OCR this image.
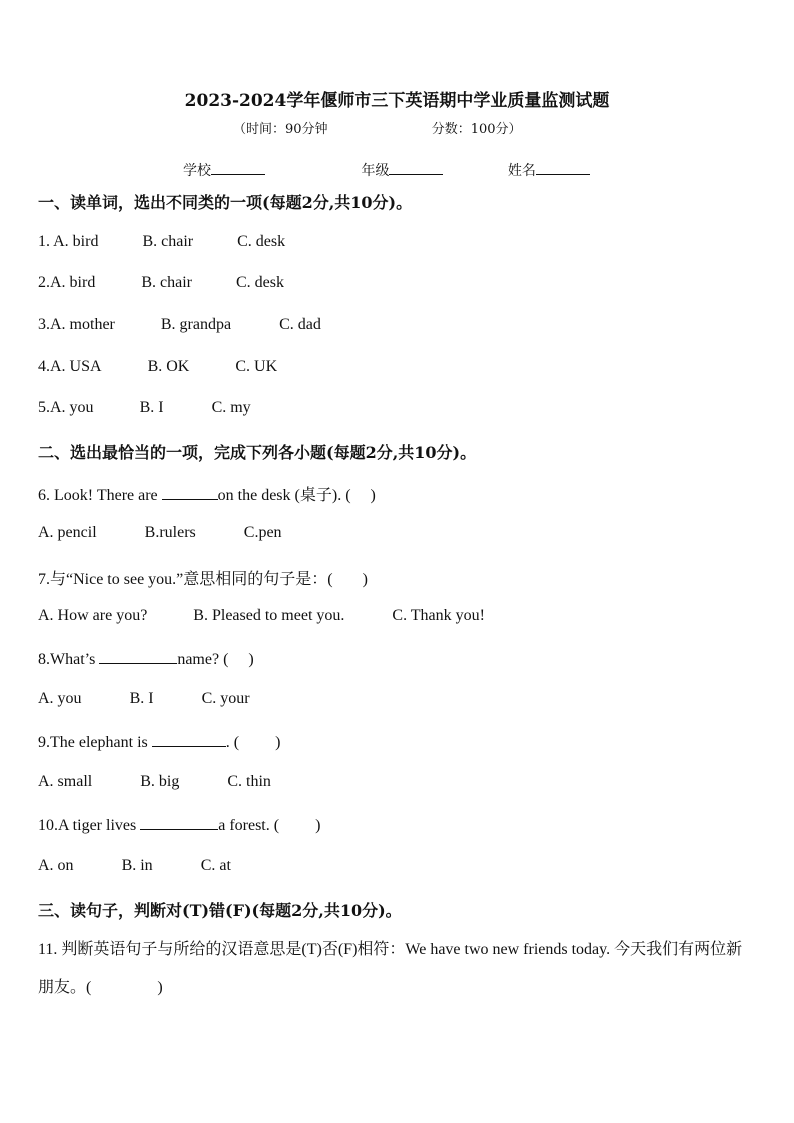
2023-2024学年偃师市三下英语期中学业质量监测试题
（时间：90分钟	分数：100分）
学校	年级	姓名
一、读单词，选出不同类的一项(每题2分,共10分)。
1. A. bird	B. chair	C. desk
2.A. bird	B. chair	C. desk
3.A. mother	B. grandpa	C. dad
4.A. USA	B. OK	C. UK
5.A. you	B. I	C. my
二、选出最恰当的一项，完成下列各小题(每题2分,共10分)。
6. Look! There are	on the desk (桌子). ( )
A. pencil	B.rulers	C.pen
7.与“Nice to see you.”意思相同的句子是：( )
A. How are you?	B. Pleased to meet you.	C. Thank you!
8.What’s	name? ( )
A. you	B. I	C. your
9.The elephant is	. ( )
A. small	B. big	C. thin
10.A tiger lives	a forest. ( )
A. on	B. in	C. at
三、读句子，判断对(T)错(F)(每题2分,共10分)。
11. 判断英语句子与所给的汉语意思是(T)否(F)相符：We have two new friends today. 今天我们有两位新朋友。(	)
